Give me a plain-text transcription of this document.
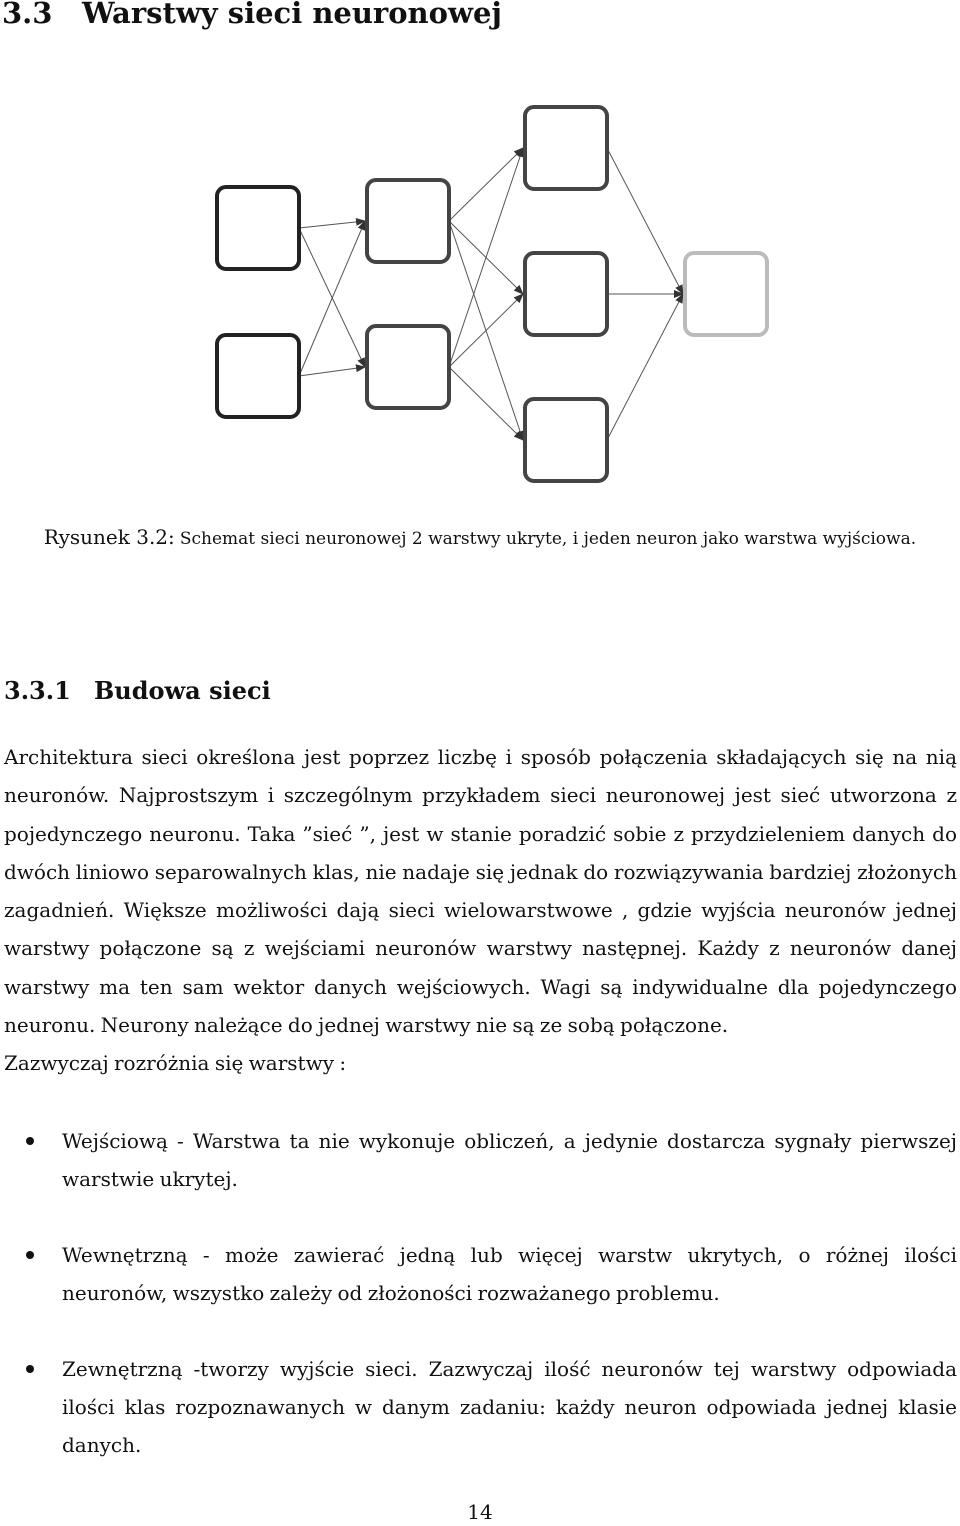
3.3 Warstwy sieci neuronowej
Rysunek 3.2: Schemat sieci neuronowej 2 warstwy ukryte, i jeden neuron jako warstwa wyjściowa.
3.3.1 Budowa sieci
Architektura sieci określona jest poprzez liczbę i sposób połączenia składających się na nią neuronów. Najprostszym i szczególnym przykładem sieci neuronowej jest sieć utworzona z pojedynczego neuronu. Taka ”sieć ”, jest w stanie poradzić sobie z przydzieleniem danych do dwóch liniowo separowalnych klas, nie nadaje się jednak do rozwiązywania bardziej złożonych zagadnień. Większe możliwości dają sieci wielowarstwowe , gdzie wyjścia neuronów jednej warstwy połączone są z wejściami neuronów warstwy następnej. Każdy z neuronów danej warstwy ma ten sam wektor danych wejściowych. Wagi są indywidualne dla pojedynczego neuronu. Neurony należące do jednej warstwy nie są ze sobą połączone.
Zazwyczaj rozróżnia się warstwy :
Wejściową - Warstwa ta nie wykonuje obliczeń, a jedynie dostarcza sygnały pierwszej warstwie ukrytej.
Wewnętrzną - może zawierać jedną lub więcej warstw ukrytych, o różnej ilości neuronów, wszystko zależy od złożoności rozważanego problemu.
Zewnętrzną -tworzy wyjście sieci. Zazwyczaj ilość neuronów tej warstwy odpowiada ilości klas rozpoznawanych w danym zadaniu: każdy neuron odpowiada jednej klasie danych.
14
